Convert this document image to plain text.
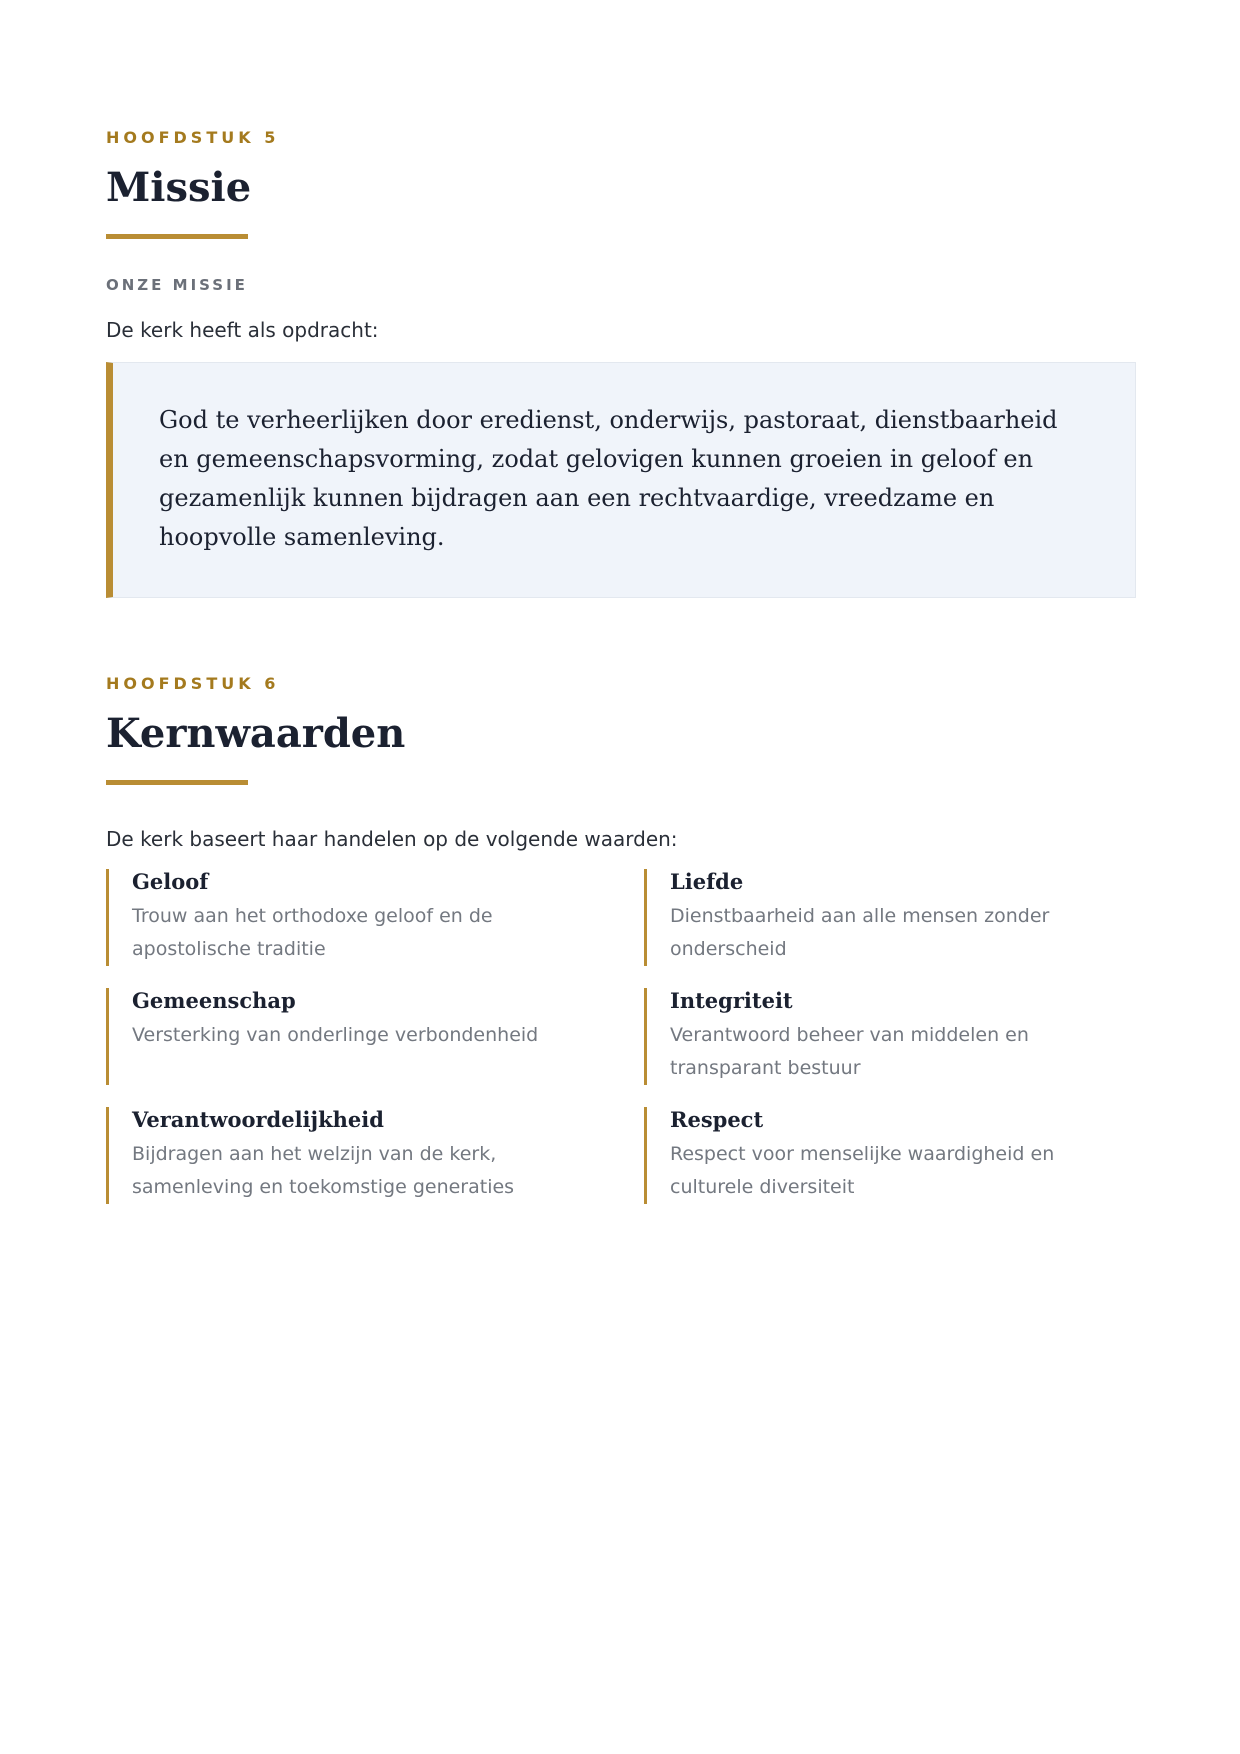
HOOFDSTUK 5

Missie

ONZE MISSIE

De kerk heeft als opdracht:

God te verheerlijken door eredienst, onderwijs, pastoraat, dienstbaarheid en gemeenschapsvorming, zodat gelovigen kunnen groeien in geloof en gezamenlijk kunnen bijdragen aan een rechtvaardige, vreedzame en hoopvolle samenleving.

HOOFDSTUK 6

Kernwaarden

De kerk baseert haar handelen op de volgende waarden:

Geloof

Trouw aan het orthodoxe geloof en de apostolische traditie

Liefde

Dienstbaarheid aan alle mensen zonder onderscheid

Gemeenschap

Versterking van onderlinge verbondenheid

Integriteit

Verantwoord beheer van middelen en transparant bestuur

Verantwoordelijkheid

Bijdragen aan het welzijn van de kerk, samenleving en toekomstige generaties

Respect

Respect voor menselijke waardigheid en culturele diversiteit
